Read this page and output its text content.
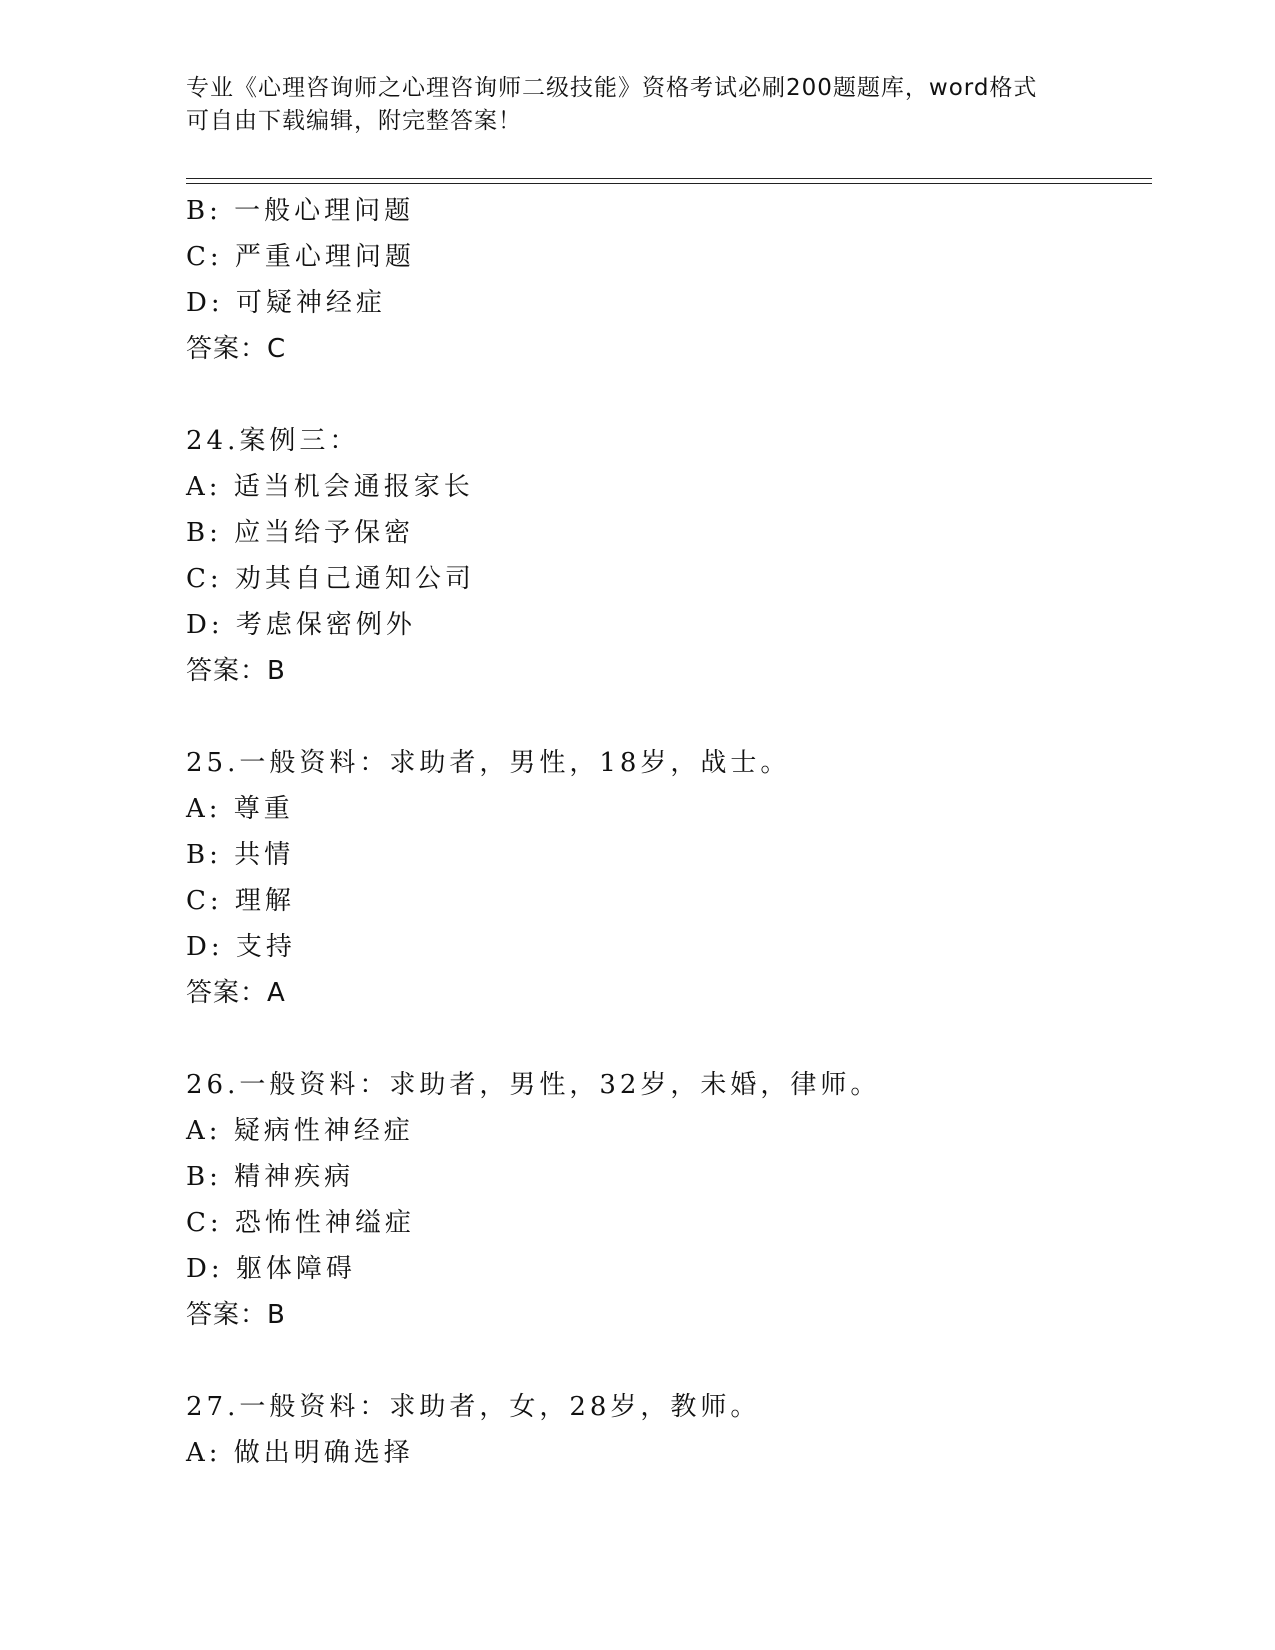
专业《心理咨询师之心理咨询师二级技能》资格考试必刷200题题库，word格式
可自由下载编辑，附完整答案！
B: 一般心理问题
C: 严重心理问题
D: 可疑神经症
答案：C
24.案例三：
A: 适当机会通报家长
B: 应当给予保密
C: 劝其自己通知公司
D: 考虑保密例外
答案：B
25.一般资料：求助者，男性，18岁，战士。
A: 尊重
B: 共情
C: 理解
D: 支持
答案：A
26.一般资料：求助者，男性，32岁，未婚，律师。
A: 疑病性神经症
B: 精神疾病
C: 恐怖性神缢症
D: 躯体障碍
答案：B
27.一般资料：求助者，女，28岁，教师。
A: 做出明确选择
